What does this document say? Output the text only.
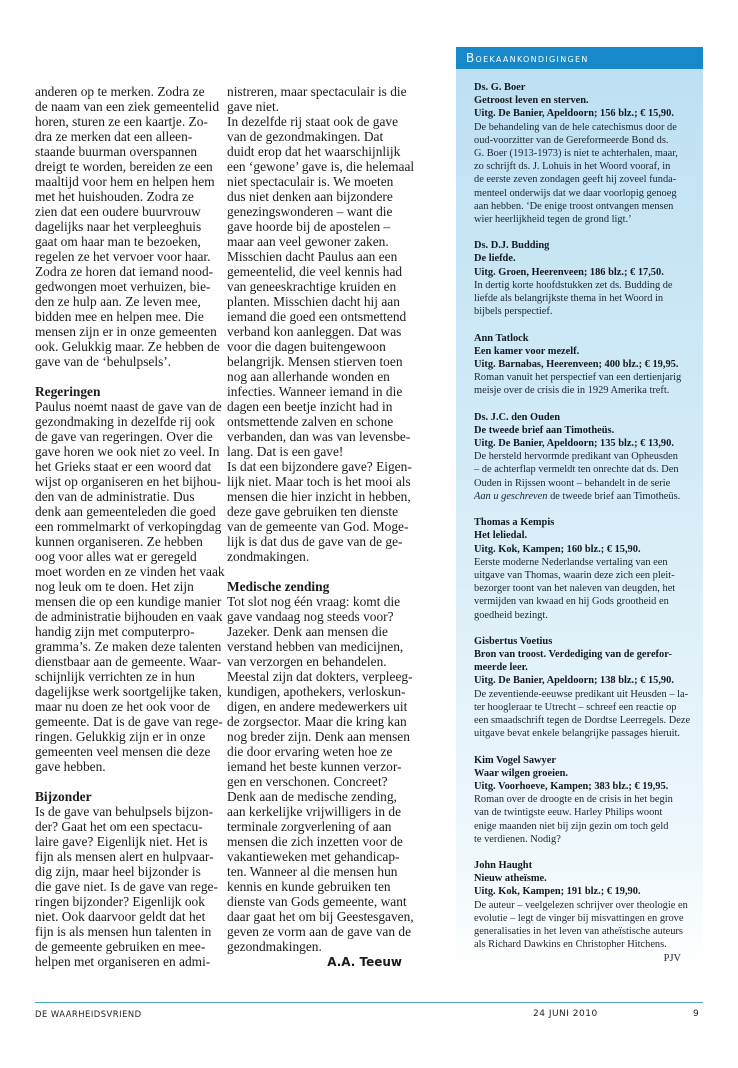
anderen op te merken. Zodra ze
de naam van een ziek gemeentelid
horen, sturen ze een kaartje. Zo-
dra ze merken dat een alleen-
staande buurman overspannen
dreigt te worden, bereiden ze een
maaltijd voor hem en helpen hem
met het huishouden. Zodra ze
zien dat een oudere buurvrouw
dagelijks naar het verpleeghuis
gaat om haar man te bezoeken,
regelen ze het vervoer voor haar.
Zodra ze horen dat iemand nood-
gedwongen moet verhuizen, bie-
den ze hulp aan. Ze leven mee,
bidden mee en helpen mee. Die
mensen zijn er in onze gemeenten
ook. Gelukkig maar. Ze hebben de
gave van de ‘behulpsels’.
Regeringen
Paulus noemt naast de gave van de
gezondmaking in dezelfde rij ook
de gave van regeringen. Over die
gave horen we ook niet zo veel. In
het Grieks staat er een woord dat
wijst op organiseren en het bijhou-
den van de administratie. Dus
denk aan gemeenteleden die goed
een rommelmarkt of verkopingdag
kunnen organiseren. Ze hebben
oog voor alles wat er geregeld
moet worden en ze vinden het vaak
nog leuk om te doen. Het zijn
mensen die op een kundige manier
de administratie bijhouden en vaak
handig zijn met computerpro-
gramma’s. Ze maken deze talenten
dienstbaar aan de gemeente. Waar-
schijnlijk verrichten ze in hun
dagelijkse werk soortgelijke taken,
maar nu doen ze het ook voor de
gemeente. Dat is de gave van rege-
ringen. Gelukkig zijn er in onze
gemeenten veel mensen die deze
gave hebben.
Bijzonder
Is de gave van behulpsels bijzon-
der? Gaat het om een spectacu-
laire gave? Eigenlijk niet. Het is
fijn als mensen alert en hulpvaar-
dig zijn, maar heel bijzonder is
die gave niet. Is de gave van rege-
ringen bijzonder? Eigenlijk ook
niet. Ook daarvoor geldt dat het
fijn is als mensen hun talenten in
de gemeente gebruiken en mee-
helpen met organiseren en admi-
nistreren, maar spectaculair is die
gave niet.
In dezelfde rij staat ook de gave
van de gezondmakingen. Dat
duidt erop dat het waarschijnlijk
een ‘gewone’ gave is, die helemaal
niet spectaculair is. We moeten
dus niet denken aan bijzondere
genezingswonderen – want die
gave hoorde bij de apostelen –
maar aan veel gewoner zaken.
Misschien dacht Paulus aan een
gemeentelid, die veel kennis had
van geneeskrachtige kruiden en
planten. Misschien dacht hij aan
iemand die goed een ontsmettend
verband kon aanleggen. Dat was
voor die dagen buitengewoon
belangrijk. Mensen stierven toen
nog aan allerhande wonden en
infecties. Wanneer iemand in die
dagen een beetje inzicht had in
ontsmettende zalven en schone
verbanden, dan was van levensbe-
lang. Dat is een gave!
Is dat een bijzondere gave? Eigen-
lijk niet. Maar toch is het mooi als
mensen die hier inzicht in hebben,
deze gave gebruiken ten dienste
van de gemeente van God. Moge-
lijk is dat dus de gave van de ge-
zondmakingen.
Medische zending
Tot slot nog één vraag: komt die
gave vandaag nog steeds voor?
Jazeker. Denk aan mensen die
verstand hebben van medicijnen,
van verzorgen en behandelen.
Meestal zijn dat dokters, verpleeg-
kundigen, apothekers, verloskun-
digen, en andere medewerkers uit
de zorgsector. Maar die kring kan
nog breder zijn. Denk aan mensen
die door ervaring weten hoe ze
iemand het beste kunnen verzor-
gen en verschonen. Concreet?
Denk aan de medische zending,
aan kerkelijke vrijwilligers in de
terminale zorgverlening of aan
mensen die zich inzetten voor de
vakantieweken met gehandicap-
ten. Wanneer al die mensen hun
kennis en kunde gebruiken ten
dienste van Gods gemeente, want
daar gaat het om bij Geestesgaven,
geven ze vorm aan de gave van de
gezondmakingen.
A.A. Teeuw
Boekaankondigingen
Ds. G. Boer
Getroost leven en sterven.
Uitg. De Banier, Apeldoorn; 156 blz.; € 15,90.
De behandeling van de hele catechismus door de
oud-voorzitter van de Gereformeerde Bond ds.
G. Boer (1913-1973) is niet te achterhalen, maar,
zo schrijft ds. J. Lohuis in het Woord vooraf, in
de eerste zeven zondagen geeft hij zoveel funda-
menteel onderwijs dat we daar voorlopig genoeg
aan hebben. ‘De enige troost ontvangen mensen
wier heerlijkheid tegen de grond ligt.’
Ds. D.J. Budding
De liefde.
Uitg. Groen, Heerenveen; 186 blz.; € 17,50.
In dertig korte hoofdstukken zet ds. Budding de
liefde als belangrijkste thema in het Woord in
bijbels perspectief.
Ann Tatlock
Een kamer voor mezelf.
Uitg. Barnabas, Heerenveen; 400 blz.; € 19,95.
Roman vanuit het perspectief van een dertienjarig
meisje over de crisis die in 1929 Amerika treft.
Ds. J.C. den Ouden
De tweede brief aan Timotheüs.
Uitg. De Banier, Apeldoorn; 135 blz.; € 13,90.
De hersteld hervormde predikant van Opheusden
– de achterflap vermeldt ten onrechte dat ds. Den
Ouden in Rijssen woont – behandelt in de serie
Aan u geschreven de tweede brief aan Timotheüs.
Thomas a Kempis
Het leliedal.
Uitg. Kok, Kampen; 160 blz.; € 15,90.
Eerste moderne Nederlandse vertaling van een
uitgave van Thomas, waarin deze zich een pleit-
bezorger toont van het naleven van deugden, het
vermijden van kwaad en hij Gods grootheid en
goedheid bezingt.
Gisbertus Voetius
Bron van troost. Verdediging van de gerefor-
meerde leer.
Uitg. De Banier, Apeldoorn; 138 blz.; € 15,90.
De zeventiende-eeuwse predikant uit Heusden – la-
ter hoogleraar te Utrecht – schreef een reactie op
een smaadschrift tegen de Dordtse Leerregels. Deze
uitgave bevat enkele belangrijke passages hieruit.
Kim Vogel Sawyer
Waar wilgen groeien.
Uitg. Voorhoeve, Kampen; 383 blz.; € 19,95.
Roman over de droogte en de crisis in het begin
van de twintigste eeuw. Harley Philips woont
enige maanden niet bij zijn gezin om toch geld
te verdienen. Nodig?
John Haught
Nieuw atheïsme.
Uitg. Kok, Kampen; 191 blz.; € 19,90.
De auteur – veelgelezen schrijver over theologie en
evolutie – legt de vinger bij misvattingen en grove
generalisaties in het leven van atheïstische auteurs
als Richard Dawkins en Christopher Hitchens.
PJV
DE WAARHEIDSVRIEND	24 JUNI 2010	9
